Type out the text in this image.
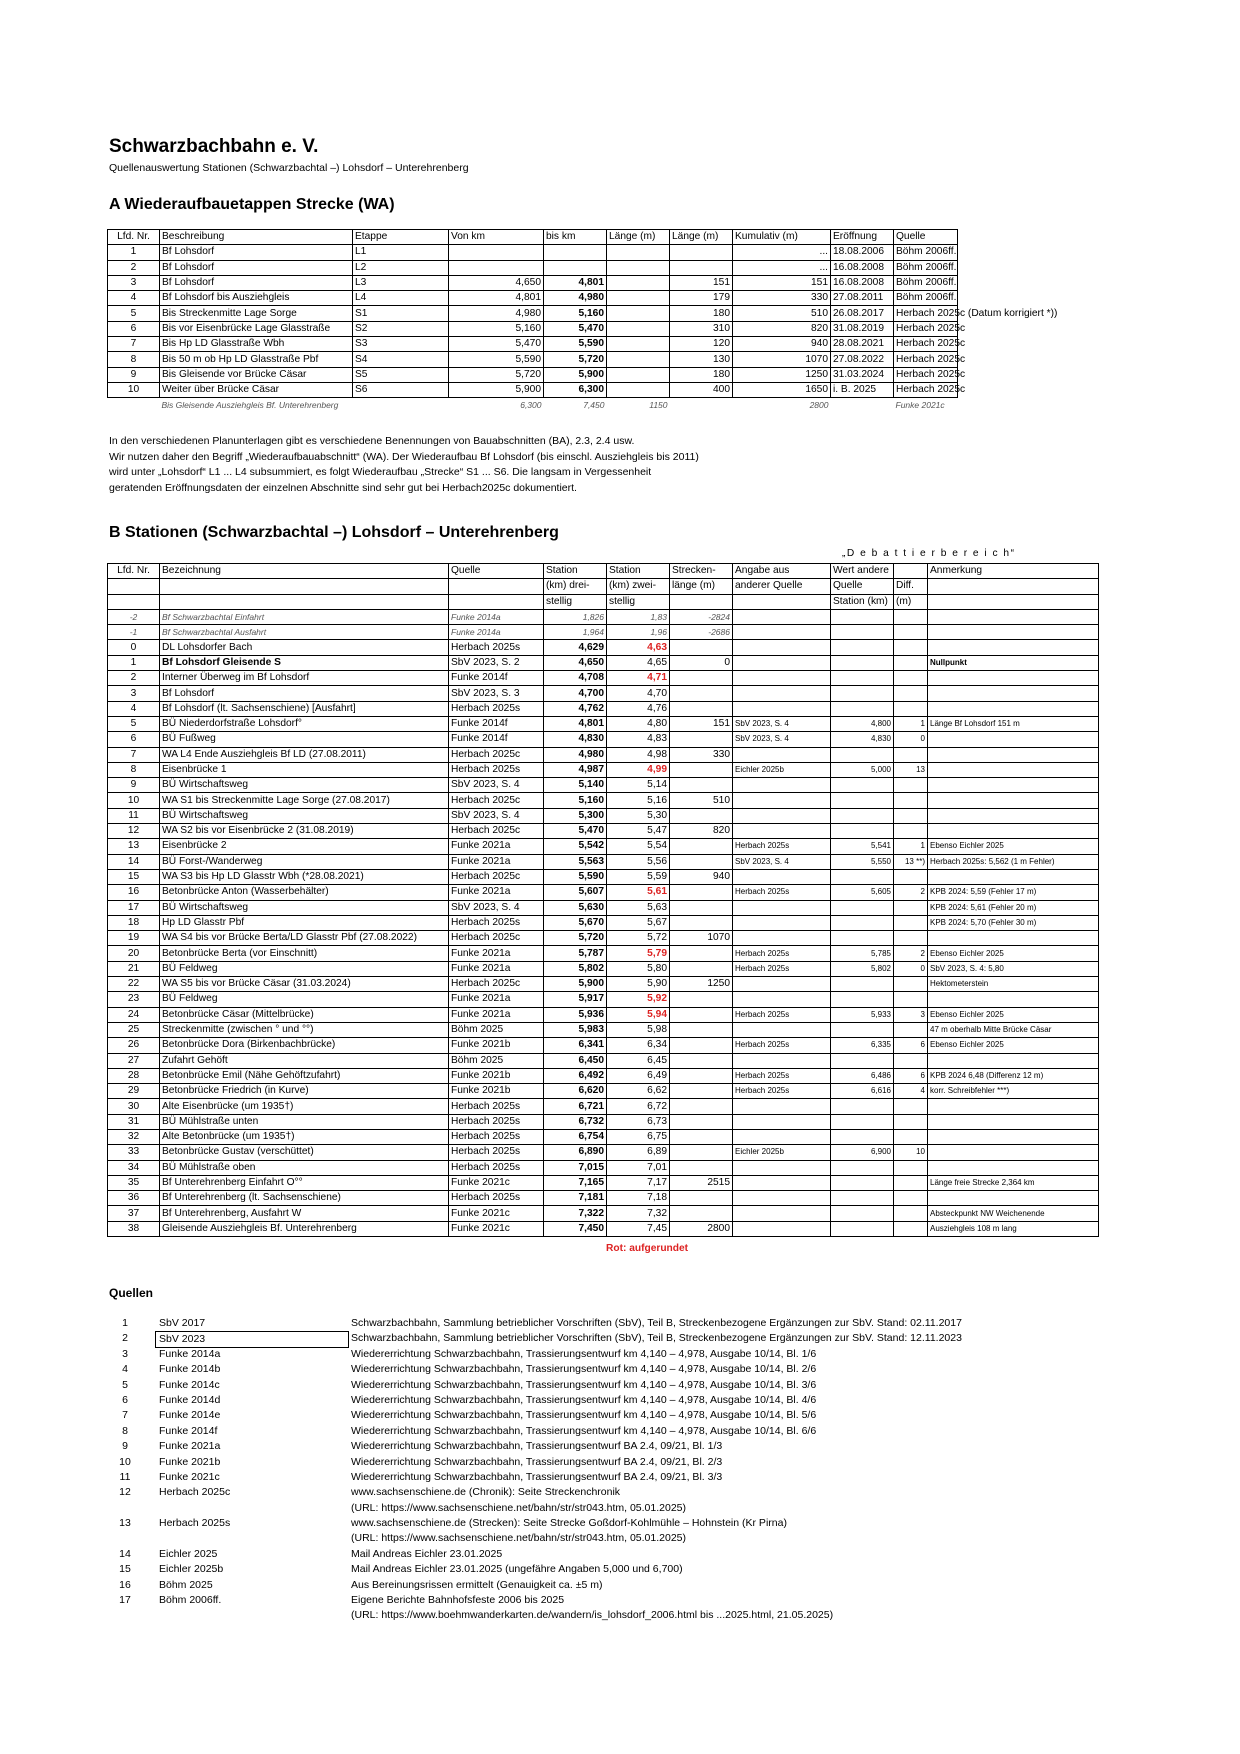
Schwarzbachbahn e. V.
Quellenauswertung Stationen (Schwarzbachtal –) Lohsdorf – Unterehrenberg
A Wiederaufbauetappen Strecke (WA)
Lfd. Nr.	Beschreibung	Etappe	Von km	bis km	Länge (m)	Länge (m)	Kumulativ (m)	Eröffnung	Quelle
1	Bf Lohsdorf	L1					...	18.08.2006	Böhm 2006ff.
2	Bf Lohsdorf	L2					...	16.08.2008	Böhm 2006ff.
3	Bf Lohsdorf	L3	4,650	4,801		151	151	16.08.2008	Böhm 2006ff.
4	Bf Lohsdorf bis Ausziehgleis	L4	4,801	4,980		179	330	27.08.2011	Böhm 2006ff.
5	Bis Streckenmitte Lage Sorge	S1	4,980	5,160		180	510	26.08.2017	Herbach 2025c (Datum korrigiert *))
6	Bis vor Eisenbrücke Lage Glasstraße	S2	5,160	5,470		310	820	31.08.2019	Herbach 2025c
7	Bis Hp LD Glasstraße Wbh	S3	5,470	5,590		120	940	28.08.2021	Herbach 2025c
8	Bis 50 m ob Hp LD Glasstraße Pbf	S4	5,590	5,720		130	1070	27.08.2022	Herbach 2025c
9	Bis Gleisende vor Brücke Cäsar	S5	5,720	5,900		180	1250	31.03.2024	Herbach 2025c
10	Weiter über Brücke Cäsar	S6	5,900	6,300		400	1650	i. B. 2025	Herbach 2025c
	Bis Gleisende Ausziehgleis Bf. Unterehrenberg		6,300	7,450	1150		2800		Funke 2021c
In den verschiedenen Planunterlagen gibt es verschiedene Benennungen von Bauabschnitten (BA), 2.3, 2.4 usw.
Wir nutzen daher den Begriff „Wiederaufbauabschnitt“ (WA). Der Wiederaufbau Bf Lohsdorf (bis einschl. Ausziehgleis bis 2011)
wird unter „Lohsdorf“ L1 ... L4 subsummiert, es folgt Wiederaufbau „Strecke“ S1 ... S6. Die langsam in Vergessenheit
geratenden Eröffnungsdaten der einzelnen Abschnitte sind sehr gut bei Herbach2025c dokumentiert.
B Stationen (Schwarzbachtal –) Lohsdorf – Unterehrenberg
„D e b a t t i e r b e r e i c h“
Lfd. Nr.	Bezeichnung	Quelle	Station	Station	Strecken-	Angabe aus	Wert andere		Anmerkung
			(km) drei-	(km) zwei-	länge (m)	anderer Quelle	Quelle	Diff.	
			stellig	stellig			Station (km)	(m)	
-2	Bf Schwarzbachtal Einfahrt	Funke 2014a	1,826	1,83	-2824				
-1	Bf Schwarzbachtal Ausfahrt	Funke 2014a	1,964	1,96	-2686				
0	DL Lohsdorfer Bach	Herbach 2025s	4,629	4,63					
1	Bf Lohsdorf Gleisende S	SbV 2023, S. 2	4,650	4,65	0				Nullpunkt
2	Interner Überweg im Bf Lohsdorf	Funke 2014f	4,708	4,71					
3	Bf Lohsdorf	SbV 2023, S. 3	4,700	4,70					
4	Bf Lohsdorf (lt. Sachsenschiene) [Ausfahrt]	Herbach 2025s	4,762	4,76					
5	BÜ Niederdorfstraße Lohsdorf°	Funke 2014f	4,801	4,80	151	SbV 2023, S. 4	4,800	1	Länge Bf Lohsdorf 151 m
6	BÜ Fußweg	Funke 2014f	4,830	4,83		SbV 2023, S. 4	4,830	0	
7	WA L4 Ende Ausziehgleis Bf LD (27.08.2011)	Herbach 2025c	4,980	4,98	330				
8	Eisenbrücke 1	Herbach 2025s	4,987	4,99		Eichler 2025b	5,000	13	
9	BÜ Wirtschaftsweg	SbV 2023, S. 4	5,140	5,14					
10	WA S1 bis Streckenmitte Lage Sorge (27.08.2017)	Herbach 2025c	5,160	5,16	510				
11	BÜ Wirtschaftsweg	SbV 2023, S. 4	5,300	5,30					
12	WA S2 bis vor Eisenbrücke 2 (31.08.2019)	Herbach 2025c	5,470	5,47	820				
13	Eisenbrücke 2	Funke 2021a	5,542	5,54		Herbach 2025s	5,541	1	Ebenso Eichler 2025
14	BÜ Forst-/Wanderweg	Funke 2021a	5,563	5,56		SbV 2023, S. 4	5,550	13 **)	Herbach 2025s: 5,562 (1 m Fehler)
15	WA S3 bis Hp LD Glasstr Wbh (*28.08.2021)	Herbach 2025c	5,590	5,59	940				
16	Betonbrücke Anton (Wasserbehälter)	Funke 2021a	5,607	5,61		Herbach 2025s	5,605	2	KPB 2024: 5,59 (Fehler 17 m)
17	BÜ Wirtschaftsweg	SbV 2023, S. 4	5,630	5,63					KPB 2024: 5,61 (Fehler 20 m)
18	Hp LD Glasstr Pbf	Herbach 2025s	5,670	5,67					KPB 2024: 5,70 (Fehler 30 m)
19	WA S4 bis vor Brücke Berta/LD Glasstr Pbf (27.08.2022)	Herbach 2025c	5,720	5,72	1070				
20	Betonbrücke Berta (vor Einschnitt)	Funke 2021a	5,787	5,79		Herbach 2025s	5,785	2	Ebenso Eichler 2025
21	BÜ Feldweg	Funke 2021a	5,802	5,80		Herbach 2025s	5,802	0	SbV 2023, S. 4: 5,80
22	WA S5 bis vor Brücke Cäsar (31.03.2024)	Herbach 2025c	5,900	5,90	1250				Hektometerstein
23	BÜ Feldweg	Funke 2021a	5,917	5,92					
24	Betonbrücke Cäsar (Mittelbrücke)	Funke 2021a	5,936	5,94		Herbach 2025s	5,933	3	Ebenso Eichler 2025
25	Streckenmitte (zwischen ° und °°)	Böhm 2025	5,983	5,98					47 m oberhalb Mitte Brücke Cäsar
26	Betonbrücke Dora (Birkenbachbrücke)	Funke 2021b	6,341	6,34		Herbach 2025s	6,335	6	Ebenso Eichler 2025
27	Zufahrt Gehöft	Böhm 2025	6,450	6,45					
28	Betonbrücke Emil (Nähe Gehöftzufahrt)	Funke 2021b	6,492	6,49		Herbach 2025s	6,486	6	KPB 2024 6,48 (Differenz 12 m)
29	Betonbrücke Friedrich (in Kurve)	Funke 2021b	6,620	6,62		Herbach 2025s	6,616	4	korr. Schreibfehler ***)
30	Alte Eisenbrücke (um 1935†)	Herbach 2025s	6,721	6,72					
31	BÜ Mühlstraße unten	Herbach 2025s	6,732	6,73					
32	Alte Betonbrücke (um 1935†)	Herbach 2025s	6,754	6,75					
33	Betonbrücke Gustav (verschüttet)	Herbach 2025s	6,890	6,89		Eichler 2025b	6,900	10	
34	BÜ Mühlstraße oben	Herbach 2025s	7,015	7,01					
35	Bf Unterehrenberg Einfahrt O°°	Funke 2021c	7,165	7,17	2515				Länge freie Strecke 2,364 km
36	Bf Unterehrenberg (lt. Sachsenschiene)	Herbach 2025s	7,181	7,18					
37	Bf Unterehrenberg, Ausfahrt W	Funke 2021c	7,322	7,32					Absteckpunkt NW Weichenende
38	Gleisende Ausziehgleis Bf. Unterehrenberg	Funke 2021c	7,450	7,45	2800				Ausziehgleis 108 m lang
Rot: aufgerundet
Quellen
1	SbV 2017	Schwarzbachbahn, Sammlung betrieblicher Vorschriften (SbV), Teil B, Streckenbezogene Ergänzungen zur SbV. Stand: 02.11.2017
2	SbV 2023	Schwarzbachbahn, Sammlung betrieblicher Vorschriften (SbV), Teil B, Streckenbezogene Ergänzungen zur SbV. Stand: 12.11.2023
3	Funke 2014a	Wiedererrichtung Schwarzbachbahn, Trassierungsentwurf km 4,140 – 4,978, Ausgabe 10/14, Bl. 1/6
4	Funke 2014b	Wiedererrichtung Schwarzbachbahn, Trassierungsentwurf km 4,140 – 4,978, Ausgabe 10/14, Bl. 2/6
5	Funke 2014c	Wiedererrichtung Schwarzbachbahn, Trassierungsentwurf km 4,140 – 4,978, Ausgabe 10/14, Bl. 3/6
6	Funke 2014d	Wiedererrichtung Schwarzbachbahn, Trassierungsentwurf km 4,140 – 4,978, Ausgabe 10/14, Bl. 4/6
7	Funke 2014e	Wiedererrichtung Schwarzbachbahn, Trassierungsentwurf km 4,140 – 4,978, Ausgabe 10/14, Bl. 5/6
8	Funke 2014f	Wiedererrichtung Schwarzbachbahn, Trassierungsentwurf km 4,140 – 4,978, Ausgabe 10/14, Bl. 6/6
9	Funke 2021a	Wiedererrichtung Schwarzbachbahn, Trassierungsentwurf BA 2.4, 09/21, Bl. 1/3
10	Funke 2021b	Wiedererrichtung Schwarzbachbahn, Trassierungsentwurf BA 2.4, 09/21, Bl. 2/3
11	Funke 2021c	Wiedererrichtung Schwarzbachbahn, Trassierungsentwurf BA 2.4, 09/21, Bl. 3/3
12	Herbach 2025c	www.sachsenschiene.de (Chronik): Seite Streckenchronik
(URL: https://www.sachsenschiene.net/bahn/str/str043.htm, 05.01.2025)
13	Herbach 2025s	www.sachsenschiene.de (Strecken): Seite Strecke Goßdorf-Kohlmühle – Hohnstein (Kr Pirna)
(URL: https://www.sachsenschiene.net/bahn/str/str043.htm, 05.01.2025)
14	Eichler 2025	Mail Andreas Eichler 23.01.2025
15	Eichler 2025b	Mail Andreas Eichler 23.01.2025 (ungefähre Angaben 5,000 und 6,700)
16	Böhm 2025	Aus Bereinungsrissen ermittelt (Genauigkeit ca. ±5 m)
17	Böhm 2006ff.	Eigene Berichte Bahnhofsfeste 2006 bis 2025
(URL: https://www.boehmwanderkarten.de/wandern/is_lohsdorf_2006.html bis ...2025.html, 21.05.2025)
